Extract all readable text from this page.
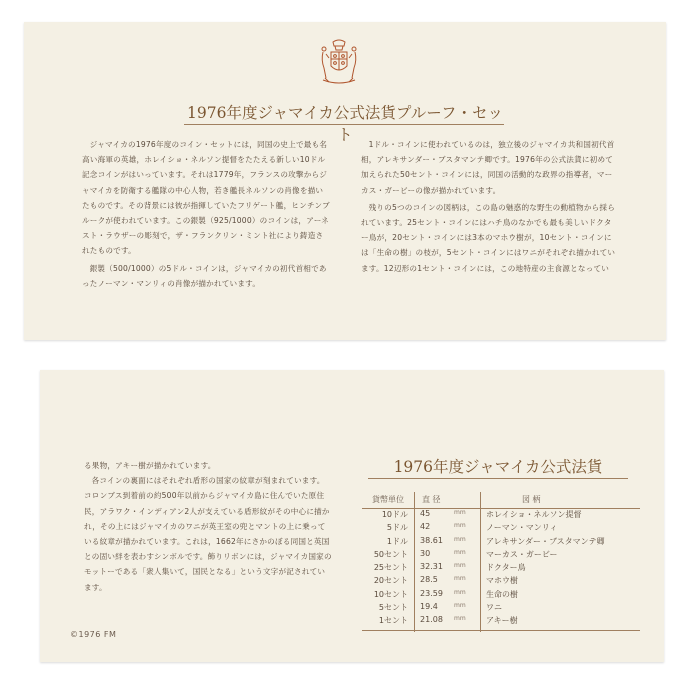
1976年度ジャマイカ公式法貨プルーフ・セット

ジャマイカの1976年度のコイン・セットには，同国の史上で最も名高い海軍の英雄，ホレイショ・ネルソン提督をたたえる新しい10ドル記念コインがはいっています。それは1779年，フランスの攻撃からジャマイカを防衛する艦隊の中心人物，若き艦長ネルソンの肖像を描いたものです。その背景には彼が指揮していたフリゲート艦，ヒンチンブルークが使われています。この銀製（925/1000）のコインは，アーネスト・ラウザーの彫刻で，ザ・フランクリン・ミント社により鋳造されたものです。

銀製（500/1000）の5ドル・コインは，ジャマイカの初代首相であったノーマン・マンリィの肖像が描かれています。

1ドル・コインに使われているのは，独立後のジャマイカ共和国初代首相，アレキサンダー・ブスタマンテ卿です。1976年の公式法貨に初めて加えられた50セント・コインには，同国の活動的な政界の指導者，マーカス・ガービーの像が描かれています。

残りの5つのコインの図柄は，この島の魅惑的な野生の動植物から採られています。25セント・コインにはハチ鳥のなかでも最も美しいドクター鳥が，20セント・コインには3本のマホウ樹が，10セント・コインには「生命の樹」の枝が，5セント・コインにはワニがそれぞれ描かれています。12辺形の1セント・コインには，この地特産の主食源となってい

る果物，アキー樹が描かれています。

各コインの裏面にはそれぞれ盾形の国家の紋章が刻まれています。コロンブス到着前の約500年以前からジャマイカ島に住んでいた原住民，アラワク・インディアン2人が支えている盾形紋がその中心に描かれ，その上にはジャマイカのワニが英王室の兜とマントの上に乗っている紋章が描かれています。これは，1662年にさかのぼる同国と英国との固い絆を表わすシンボルです。飾りリボンには，ジャマイカ国家のモットーである「衆人集いて，国民となる」という文字が記されています。

©1976 FM
1976年度ジャマイカ公式法貨
貨幣単位	直 径	図 柄
10ドル 45	mm	ホレイショ・ネルソン提督
5ドル 42	mm	ノーマン・マンリィ
1ドル 38.61	mm	アレキサンダー・ブスタマンテ卿
50セント 30	mm	マーカス・ガービー
25セント 32.31	mm	ドクター鳥
20セント 28.5	mm	マホウ樹
10セント 23.59	mm	生命の樹
5セント 19.4	mm	ワニ
1セント 21.08	mm	アキー樹
